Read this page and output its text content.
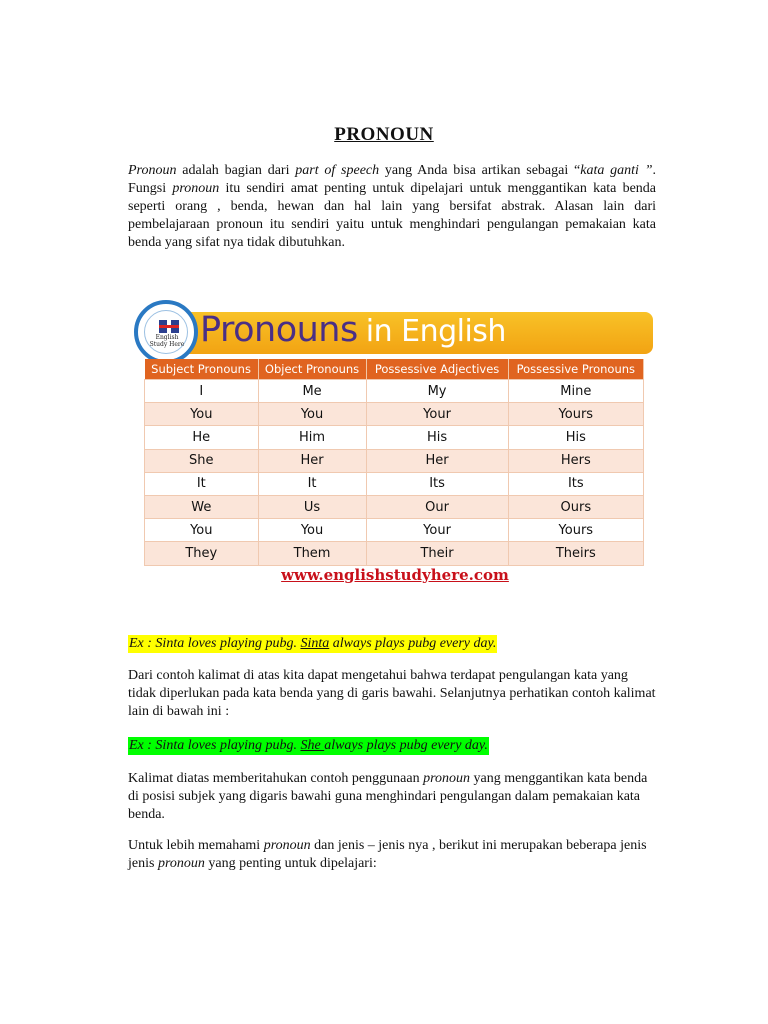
PRONOUN
Pronoun adalah bagian dari part of speech yang Anda bisa artikan sebagai “kata ganti ”. Fungsi pronoun itu sendiri amat penting untuk dipelajari untuk menggantikan kata benda seperti orang , benda, hewan dan hal lain yang bersifat abstrak. Alasan lain dari pembelajaraan pronoun itu sendiri yaitu untuk menghindari pengulangan pemakaian kata benda yang sifat nya tidak dibutuhkan.
Pronouns in English
English Study Here
Subject Pronouns	Object Pronouns	Possessive Adjectives	Possessive Pronouns
I	Me	My	Mine
You	You	Your	Yours
He	Him	His	His
She	Her	Her	Hers
It	It	Its	Its
We	Us	Our	Ours
You	You	Your	Yours
They	Them	Their	Theirs
www.englishstudyhere.com
Ex : Sinta loves playing pubg. Sinta always plays pubg every day.
Dari contoh kalimat di atas kita dapat mengetahui bahwa terdapat pengulangan kata yang tidak diperlukan pada kata benda yang di garis bawahi. Selanjutnya perhatikan contoh kalimat lain di bawah ini :
Ex : Sinta loves playing pubg. She always plays pubg every day.
Kalimat diatas memberitahukan contoh penggunaan pronoun yang menggantikan kata benda di posisi subjek yang digaris bawahi guna menghindari pengulangan dalam pemakaian kata benda.
Untuk lebih memahami pronoun dan jenis – jenis nya , berikut ini merupakan beberapa jenis jenis pronoun yang penting untuk dipelajari:
